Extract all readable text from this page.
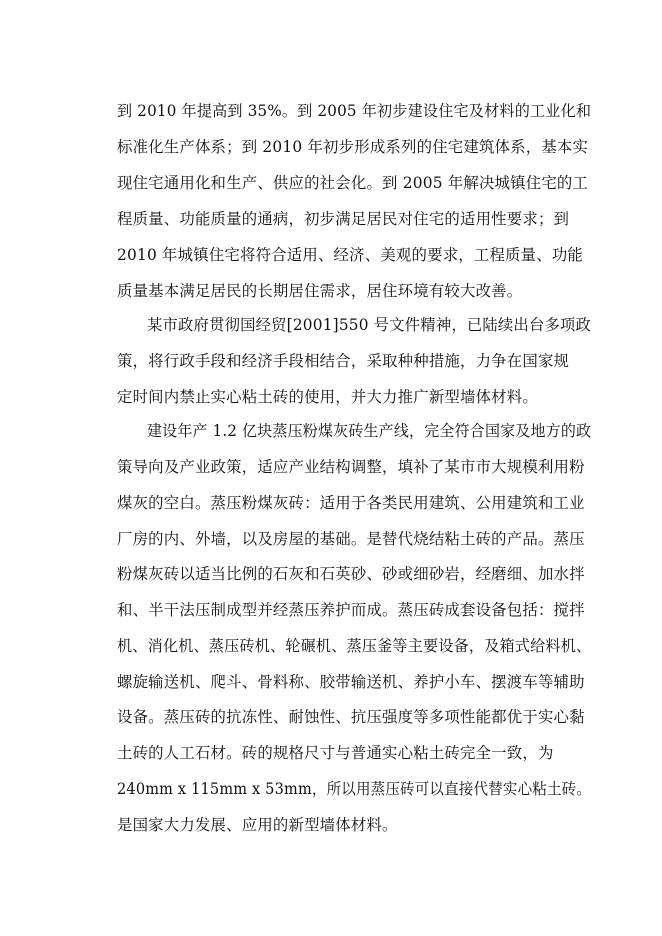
到 2010 年提高到 35%。到 2005 年初步建设住宅及材料的工业化和
标准化生产体系；到 2010 年初步形成系列的住宅建筑体系，基本实
现住宅通用化和生产、供应的社会化。到 2005 年解决城镇住宅的工
程质量、功能质量的通病，初步满足居民对住宅的适用性要求；到
2010 年城镇住宅将符合适用、经济、美观的要求，工程质量、功能
质量基本满足居民的长期居住需求，居住环境有较大改善。
某市政府贯彻国经贸[2001]550 号文件精神，已陆续出台多项政
策，将行政手段和经济手段相结合，采取种种措施，力争在国家规
定时间内禁止实心粘土砖的使用，并大力推广新型墙体材料。
建设年产 1.2 亿块蒸压粉煤灰砖生产线，完全符合国家及地方的政
策导向及产业政策，适应产业结构调整，填补了某市市大规模利用粉
煤灰的空白。蒸压粉煤灰砖：适用于各类民用建筑、公用建筑和工业
厂房的内、外墙，以及房屋的基础。是替代烧结粘土砖的产品。蒸压
粉煤灰砖以适当比例的石灰和石英砂、砂或细砂岩，经磨细、加水拌
和、半干法压制成型并经蒸压养护而成。蒸压砖成套设备包括：搅拌
机、消化机、蒸压砖机、轮碾机、蒸压釜等主要设备，及箱式给料机、
螺旋输送机、爬斗、骨料称、胶带输送机、养护小车、摆渡车等辅助
设备。蒸压砖的抗冻性、耐蚀性、抗压强度等多项性能都优于实心黏
土砖的人工石材。砖的规格尺寸与普通实心粘土砖完全一致，为
240mm x 115mm x 53mm，所以用蒸压砖可以直接代替实心粘土砖。
是国家大力发展、应用的新型墙体材料。
